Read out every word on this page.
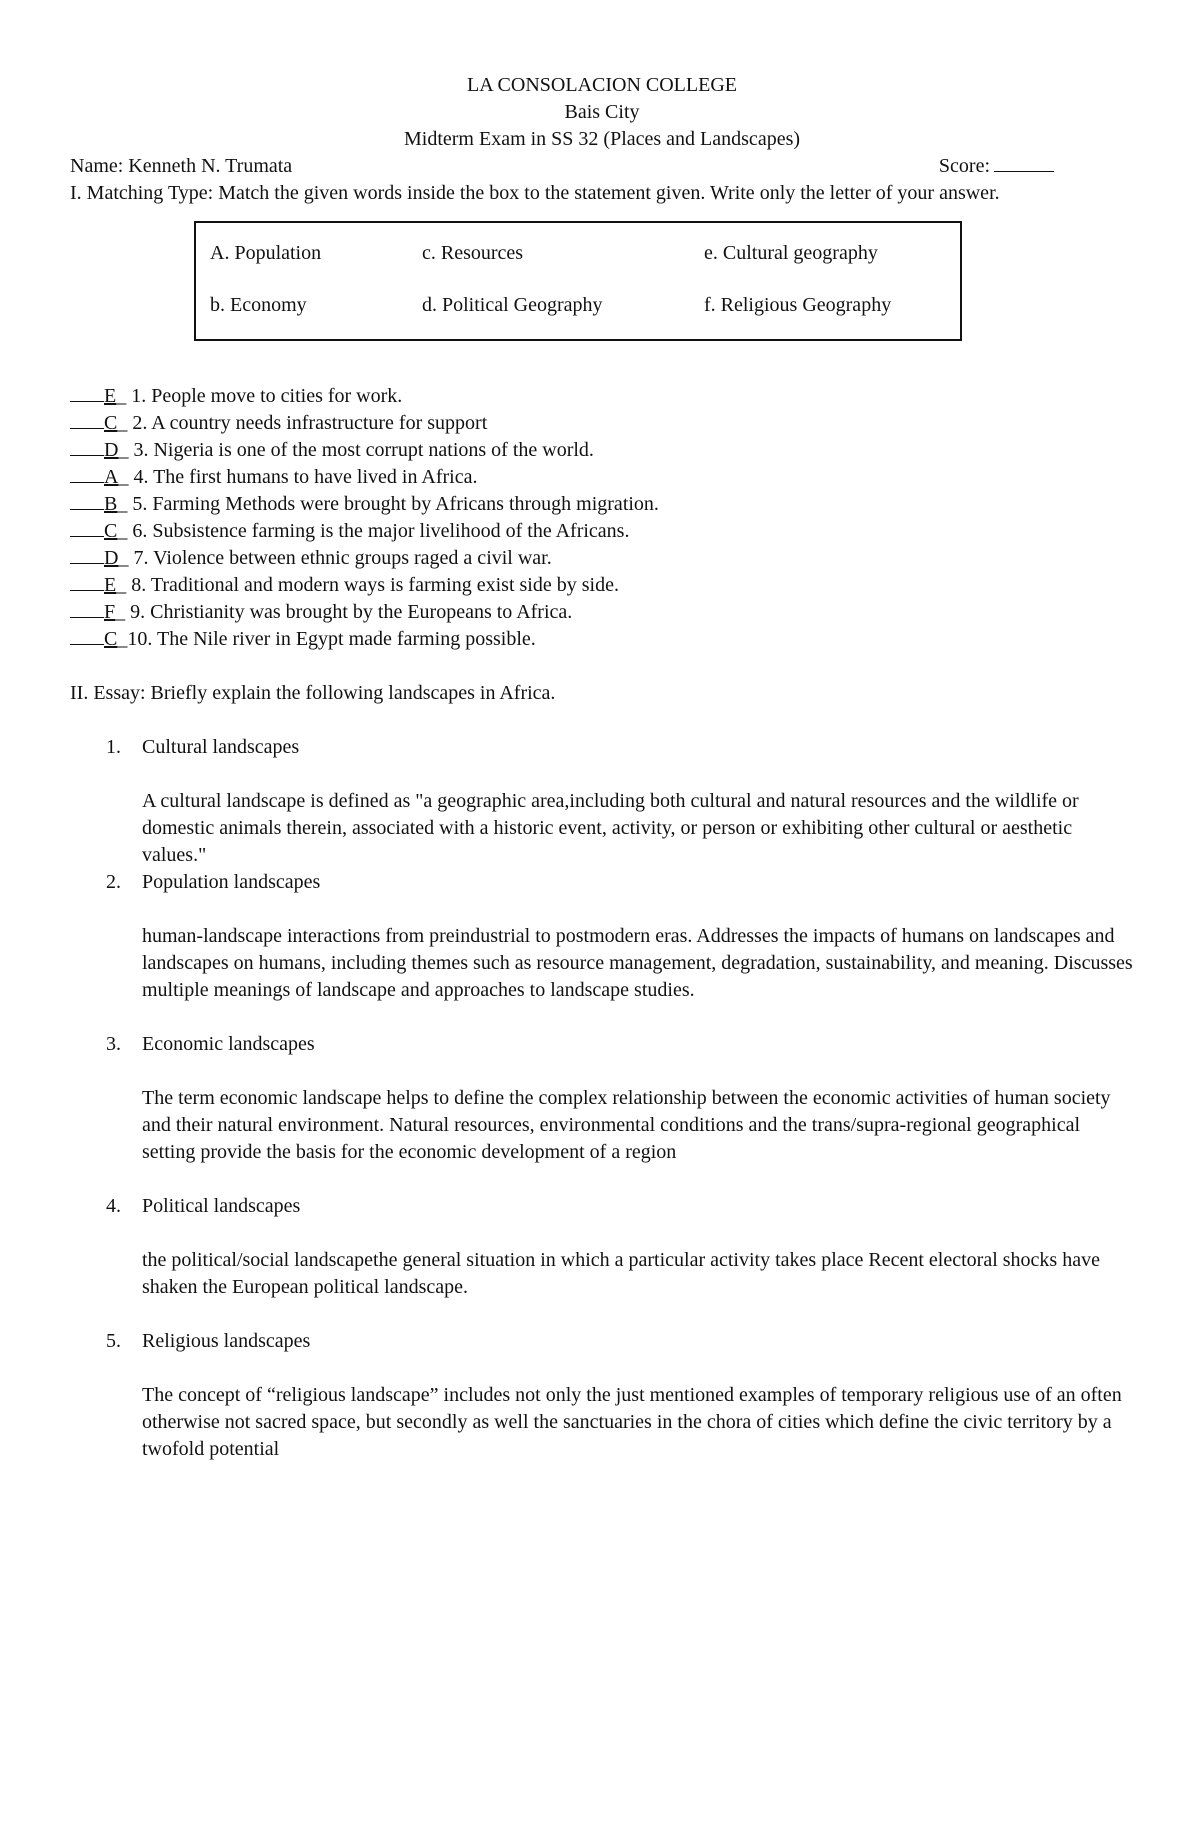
LA CONSOLACION COLLEGE
Bais City
Midterm Exam in SS 32 (Places and Landscapes)
Name: Kenneth N. Trumata	Score:
I. Matching Type: Match the given words inside the box to the statement given. Write only the letter of your answer.
A. Population	c. Resources	e. Cultural geography
b. Economy	d. Political Geography	f. Religious Geography
E_ 1. People move to cities for work.
C_ 2. A country needs infrastructure for support
D_ 3. Nigeria is one of the most corrupt nations of the world.
A_ 4. The first humans to have lived in Africa.
B_ 5. Farming Methods were brought by Africans through migration.
C_ 6. Subsistence farming is the major livelihood of the Africans.
D_ 7. Violence between ethnic groups raged a civil war.
E_ 8. Traditional and modern ways is farming exist side by side.
F_ 9. Christianity was brought by the Europeans to Africa.
C_10. The Nile river in Egypt made farming possible.
II. Essay: Briefly explain the following landscapes in Africa.
1. Cultural landscapes
A cultural landscape is defined as "a geographic area,including both cultural and natural resources and the wildlife or domestic animals therein, associated with a historic event, activity, or person or exhibiting other cultural or aesthetic values."
2. Population landscapes
human-landscape interactions from preindustrial to postmodern eras. Addresses the impacts of humans on landscapes and landscapes on humans, including themes such as resource management, degradation, sustainability, and meaning. Discusses multiple meanings of landscape and approaches to landscape studies.
3. Economic landscapes
The term economic landscape helps to define the complex relationship between the economic activities of human society and their natural environment. Natural resources, environmental conditions and the trans/supra-regional geographical setting provide the basis for the economic development of a region
4. Political landscapes
the political/social landscapethe general situation in which a particular activity takes place Recent electoral shocks have shaken the European political landscape.
5. Religious landscapes
The concept of “religious landscape” includes not only the just mentioned examples of temporary religious use of an often otherwise not sacred space, but secondly as well the sanctuaries in the chora of cities which define the civic territory by a twofold potential
